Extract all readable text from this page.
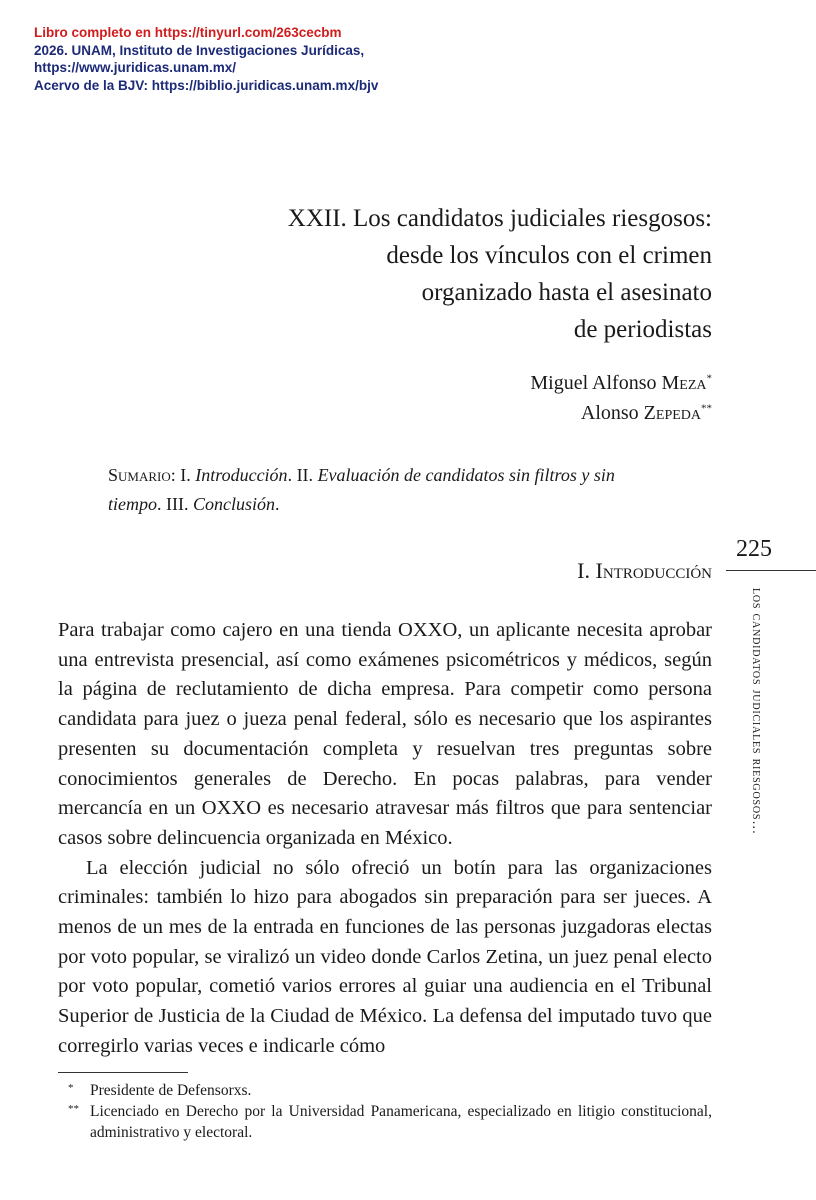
Libro completo en https://tinyurl.com/263cecbm
2026. UNAM, Instituto de Investigaciones Jurídicas,
https://www.juridicas.unam.mx/
Acervo de la BJV: https://biblio.juridicas.unam.mx/bjv
XXII. Los candidatos judiciales riesgosos:
desde los vínculos con el crimen
organizado hasta el asesinato
de periodistas
Miguel Alfonso Meza*
Alonso Zepeda**
Sumario: I. Introducción. II. Evaluación de candidatos sin filtros y sin tiempo. III. Conclusión.
225
los candidatos judiciales riesgosos…
I. Introducción

Para trabajar como cajero en una tienda OXXO, un aplicante necesita aprobar una entrevista presencial, así como exámenes psicométricos y médicos, según la página de reclutamiento de dicha empresa. Para competir como persona candidata para juez o jueza penal federal, sólo es necesario que los aspirantes presenten su documentación completa y resuelvan tres preguntas sobre conocimientos generales de Derecho. En pocas palabras, para vender mercancía en un OXXO es necesario atravesar más filtros que para sentenciar casos sobre delincuencia organizada en México.

La elección judicial no sólo ofreció un botín para las organizaciones criminales: también lo hizo para abogados sin preparación para ser jueces. A menos de un mes de la entrada en funciones de las personas juzgadoras electas por voto popular, se viralizó un video donde Carlos Zetina, un juez penal electo por voto popular, cometió varios errores al guiar una audiencia en el Tribunal Superior de Justicia de la Ciudad de México. La defensa del imputado tuvo que corregirlo varias veces e indicarle cómo

* Presidente de Defensorxs.
** Licenciado en Derecho por la Universidad Panamericana, especializado en litigio constitucional, administrativo y electoral.
